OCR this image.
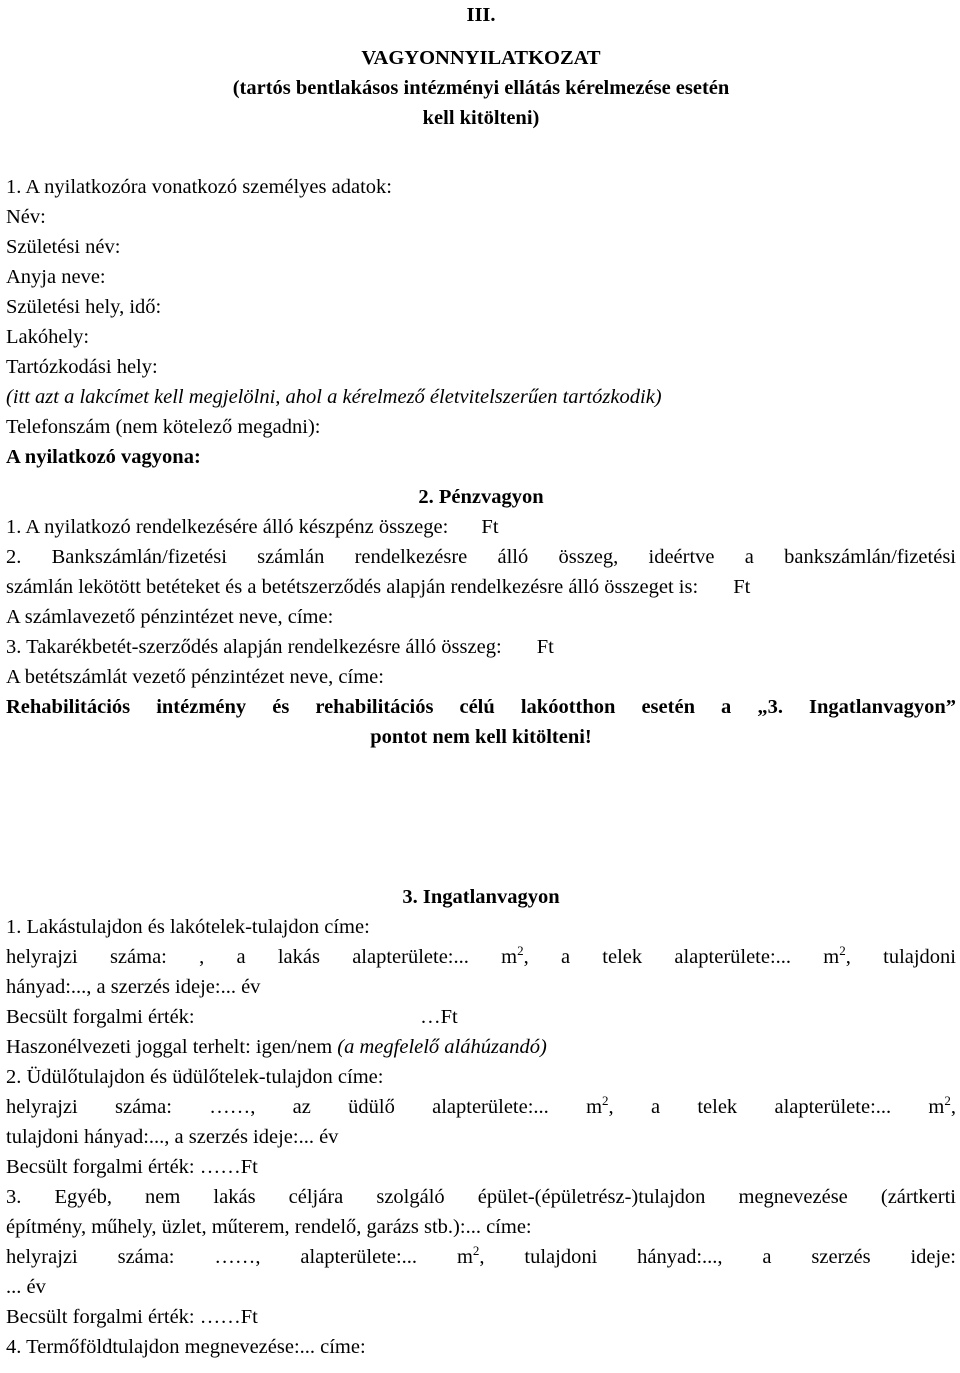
III.
VAGYONNYILATKOZAT
(tartós bentlakásos intézményi ellátás kérelmezése esetén
kell kitölteni)
1. A nyilatkozóra vonatkozó személyes adatok:
Név:
Születési név:
Anyja neve:
Születési hely, idő:
Lakóhely:
Tartózkodási hely:
(itt azt a lakcímet kell megjelölni, ahol a kérelmező életvitelszerűen tartózkodik)
Telefonszám (nem kötelező megadni):
A nyilatkozó vagyona:
2. Pénzvagyon
1. A nyilatkozó rendelkezésére álló készpénz összege: Ft
2. Bankszámlán/fizetési számlán rendelkezésre álló összeg, ideértve a bankszámlán/fizetési
számlán lekötött betéteket és a betétszerződés alapján rendelkezésre álló összeget is: Ft
A számlavezető pénzintézet neve, címe:
3. Takarékbetét-szerződés alapján rendelkezésre álló összeg: Ft
A betétszámlát vezető pénzintézet neve, címe:
Rehabilitációs intézmény és rehabilitációs célú lakóotthon esetén a „3. Ingatlanvagyon”
pontot nem kell kitölteni!
3. Ingatlanvagyon
1. Lakástulajdon és lakótelek-tulajdon címe:
helyrajzi száma: , a lakás alapterülete:... $m^2$, a telek alapterülete:... $m^2$, tulajdoni
hányad:..., a szerzés ideje:... év
Becsült forgalmi érték:                                            …Ft
Haszonélvezeti joggal terhelt: igen/nem (a megfelelő aláhúzandó)
2. Üdülőtulajdon és üdülőtelek-tulajdon címe:
helyrajzi száma: ……, az üdülő alapterülete:... $m^2$, a telek alapterülete:... $m^2$,
tulajdoni hányad:..., a szerzés ideje:... év
Becsült forgalmi érték: ……Ft
3. Egyéb, nem lakás céljára szolgáló épület-(épületrész-)tulajdon megnevezése (zártkerti
építmény, műhely, üzlet, műterem, rendelő, garázs stb.):... címe:
helyrajzi száma: ……, alapterülete:... $m^2$, tulajdoni hányad:..., a szerzés ideje:
... év
Becsült forgalmi érték: ……Ft
4. Termőföldtulajdon megnevezése:... címe:
